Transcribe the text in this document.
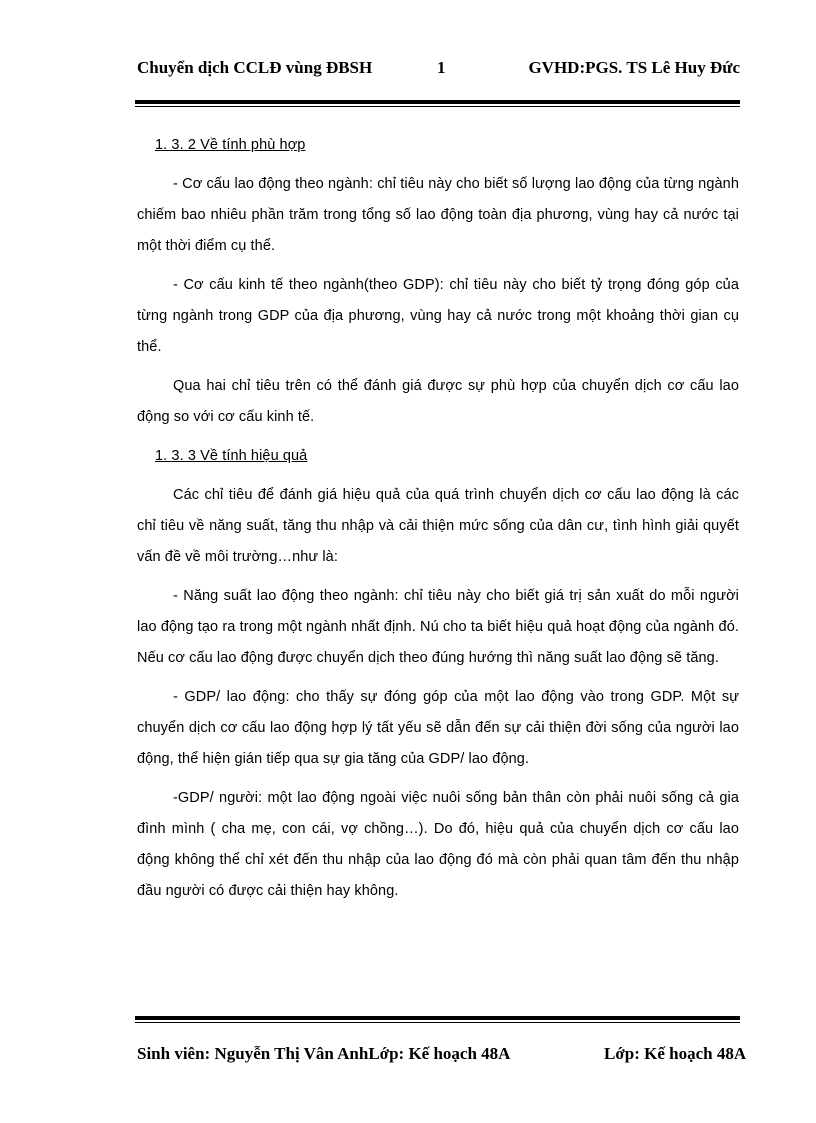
Chuyển dịch CCLĐ vùng ĐBSH	1	GVHD:PGS. TS Lê Huy Đức

1. 3. 2 Về tính phù hợp

- Cơ cấu lao động theo ngành: chỉ tiêu này cho biết số lượng lao động của từng ngành chiếm bao nhiêu phần trăm trong tổng số lao động toàn địa phương, vùng hay cả nước tại một thời điểm cụ thể.

- Cơ cấu kinh tế theo ngành(theo GDP): chỉ tiêu này cho biết tỷ trọng đóng góp của từng ngành trong GDP của địa phương, vùng hay cả nước trong một khoảng thời gian cụ thể.

Qua hai chỉ tiêu trên có thể đánh giá được sự phù hợp của chuyển dịch cơ cấu lao động so với cơ cấu kinh tế.

1. 3. 3 Về tính hiệu quả

Các chỉ tiêu để đánh giá hiệu quả của quá trình chuyển dịch cơ cấu lao động là các chỉ tiêu về năng suất, tăng thu nhập và cải thiện mức sống của dân cư, tình hình giải quyết vấn đề về môi trường…như là:

- Năng suất lao động theo ngành: chỉ tiêu này cho biết giá trị sản xuất do mỗi người lao động tạo ra trong một ngành nhất định. Nú cho ta biết hiệu quả hoạt động của ngành đó. Nếu cơ cấu lao động được chuyển dịch theo đúng hướng thì năng suất lao động sẽ tăng.

- GDP/ lao động: cho thấy sự đóng góp của một lao động vào trong GDP. Một sự chuyển dịch cơ cấu lao động hợp lý tất yếu sẽ dẫn đến sự cải thiện đời sống của người lao động, thể hiện gián tiếp qua sự gia tăng của GDP/ lao động.

-GDP/ người: một lao động ngoài việc nuôi sống bản thân còn phải nuôi sống cả gia đình mình ( cha mẹ, con cái, vợ chồng…). Do đó, hiệu quả của chuyển dịch cơ cấu lao động không thể chỉ xét đến thu nhập của lao động đó mà còn phải quan tâm đến thu nhập đầu người có được cải thiện hay không.

Sinh viên: Nguyễn Thị Vân AnhLớp: Kế hoạch 48A	Lớp: Kế hoạch 48A
